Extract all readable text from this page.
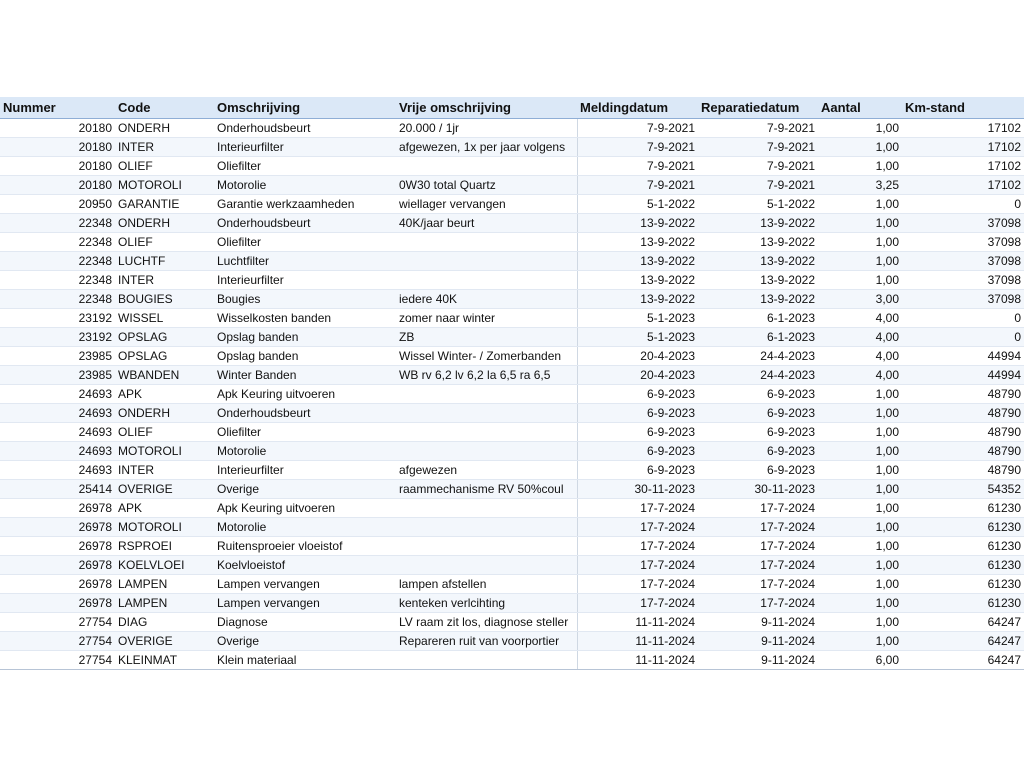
Nummer	Code	Omschrijving	Vrije omschrijving	Meldingdatum	Reparatiedatum	Aantal	Km-stand
20180	ONDERH	Onderhoudsbeurt	20.000 / 1jr	7-9-2021	7-9-2021	1,00	17102
20180	INTER	Interieurfilter	afgewezen, 1x per jaar volgens	7-9-2021	7-9-2021	1,00	17102
20180	OLIEF	Oliefilter		7-9-2021	7-9-2021	1,00	17102
20180	MOTOROLI	Motorolie	0W30 total Quartz	7-9-2021	7-9-2021	3,25	17102
20950	GARANTIE	Garantie werkzaamheden	wiellager vervangen	5-1-2022	5-1-2022	1,00	0
22348	ONDERH	Onderhoudsbeurt	40K/jaar beurt	13-9-2022	13-9-2022	1,00	37098
22348	OLIEF	Oliefilter		13-9-2022	13-9-2022	1,00	37098
22348	LUCHTF	Luchtfilter		13-9-2022	13-9-2022	1,00	37098
22348	INTER	Interieurfilter		13-9-2022	13-9-2022	1,00	37098
22348	BOUGIES	Bougies	iedere 40K	13-9-2022	13-9-2022	3,00	37098
23192	WISSEL	Wisselkosten banden	zomer naar winter	5-1-2023	6-1-2023	4,00	0
23192	OPSLAG	Opslag banden	ZB	5-1-2023	6-1-2023	4,00	0
23985	OPSLAG	Opslag banden	Wissel Winter- / Zomerbanden	20-4-2023	24-4-2023	4,00	44994
23985	WBANDEN	Winter Banden	WB rv 6,2 lv 6,2 la 6,5 ra 6,5	20-4-2023	24-4-2023	4,00	44994
24693	APK	Apk Keuring uitvoeren		6-9-2023	6-9-2023	1,00	48790
24693	ONDERH	Onderhoudsbeurt		6-9-2023	6-9-2023	1,00	48790
24693	OLIEF	Oliefilter		6-9-2023	6-9-2023	1,00	48790
24693	MOTOROLI	Motorolie		6-9-2023	6-9-2023	1,00	48790
24693	INTER	Interieurfilter	afgewezen	6-9-2023	6-9-2023	1,00	48790
25414	OVERIGE	Overige	raammechanisme RV 50%coul	30-11-2023	30-11-2023	1,00	54352
26978	APK	Apk Keuring uitvoeren		17-7-2024	17-7-2024	1,00	61230
26978	MOTOROLI	Motorolie		17-7-2024	17-7-2024	1,00	61230
26978	RSPROEI	Ruitensproeier vloeistof		17-7-2024	17-7-2024	1,00	61230
26978	KOELVLOEI	Koelvloeistof		17-7-2024	17-7-2024	1,00	61230
26978	LAMPEN	Lampen vervangen	lampen afstellen	17-7-2024	17-7-2024	1,00	61230
26978	LAMPEN	Lampen vervangen	kenteken verlcihting	17-7-2024	17-7-2024	1,00	61230
27754	DIAG	Diagnose	LV raam zit los, diagnose steller	11-11-2024	9-11-2024	1,00	64247
27754	OVERIGE	Overige	Repareren ruit van voorportier	11-11-2024	9-11-2024	1,00	64247
27754	KLEINMAT	Klein materiaal		11-11-2024	9-11-2024	6,00	64247
